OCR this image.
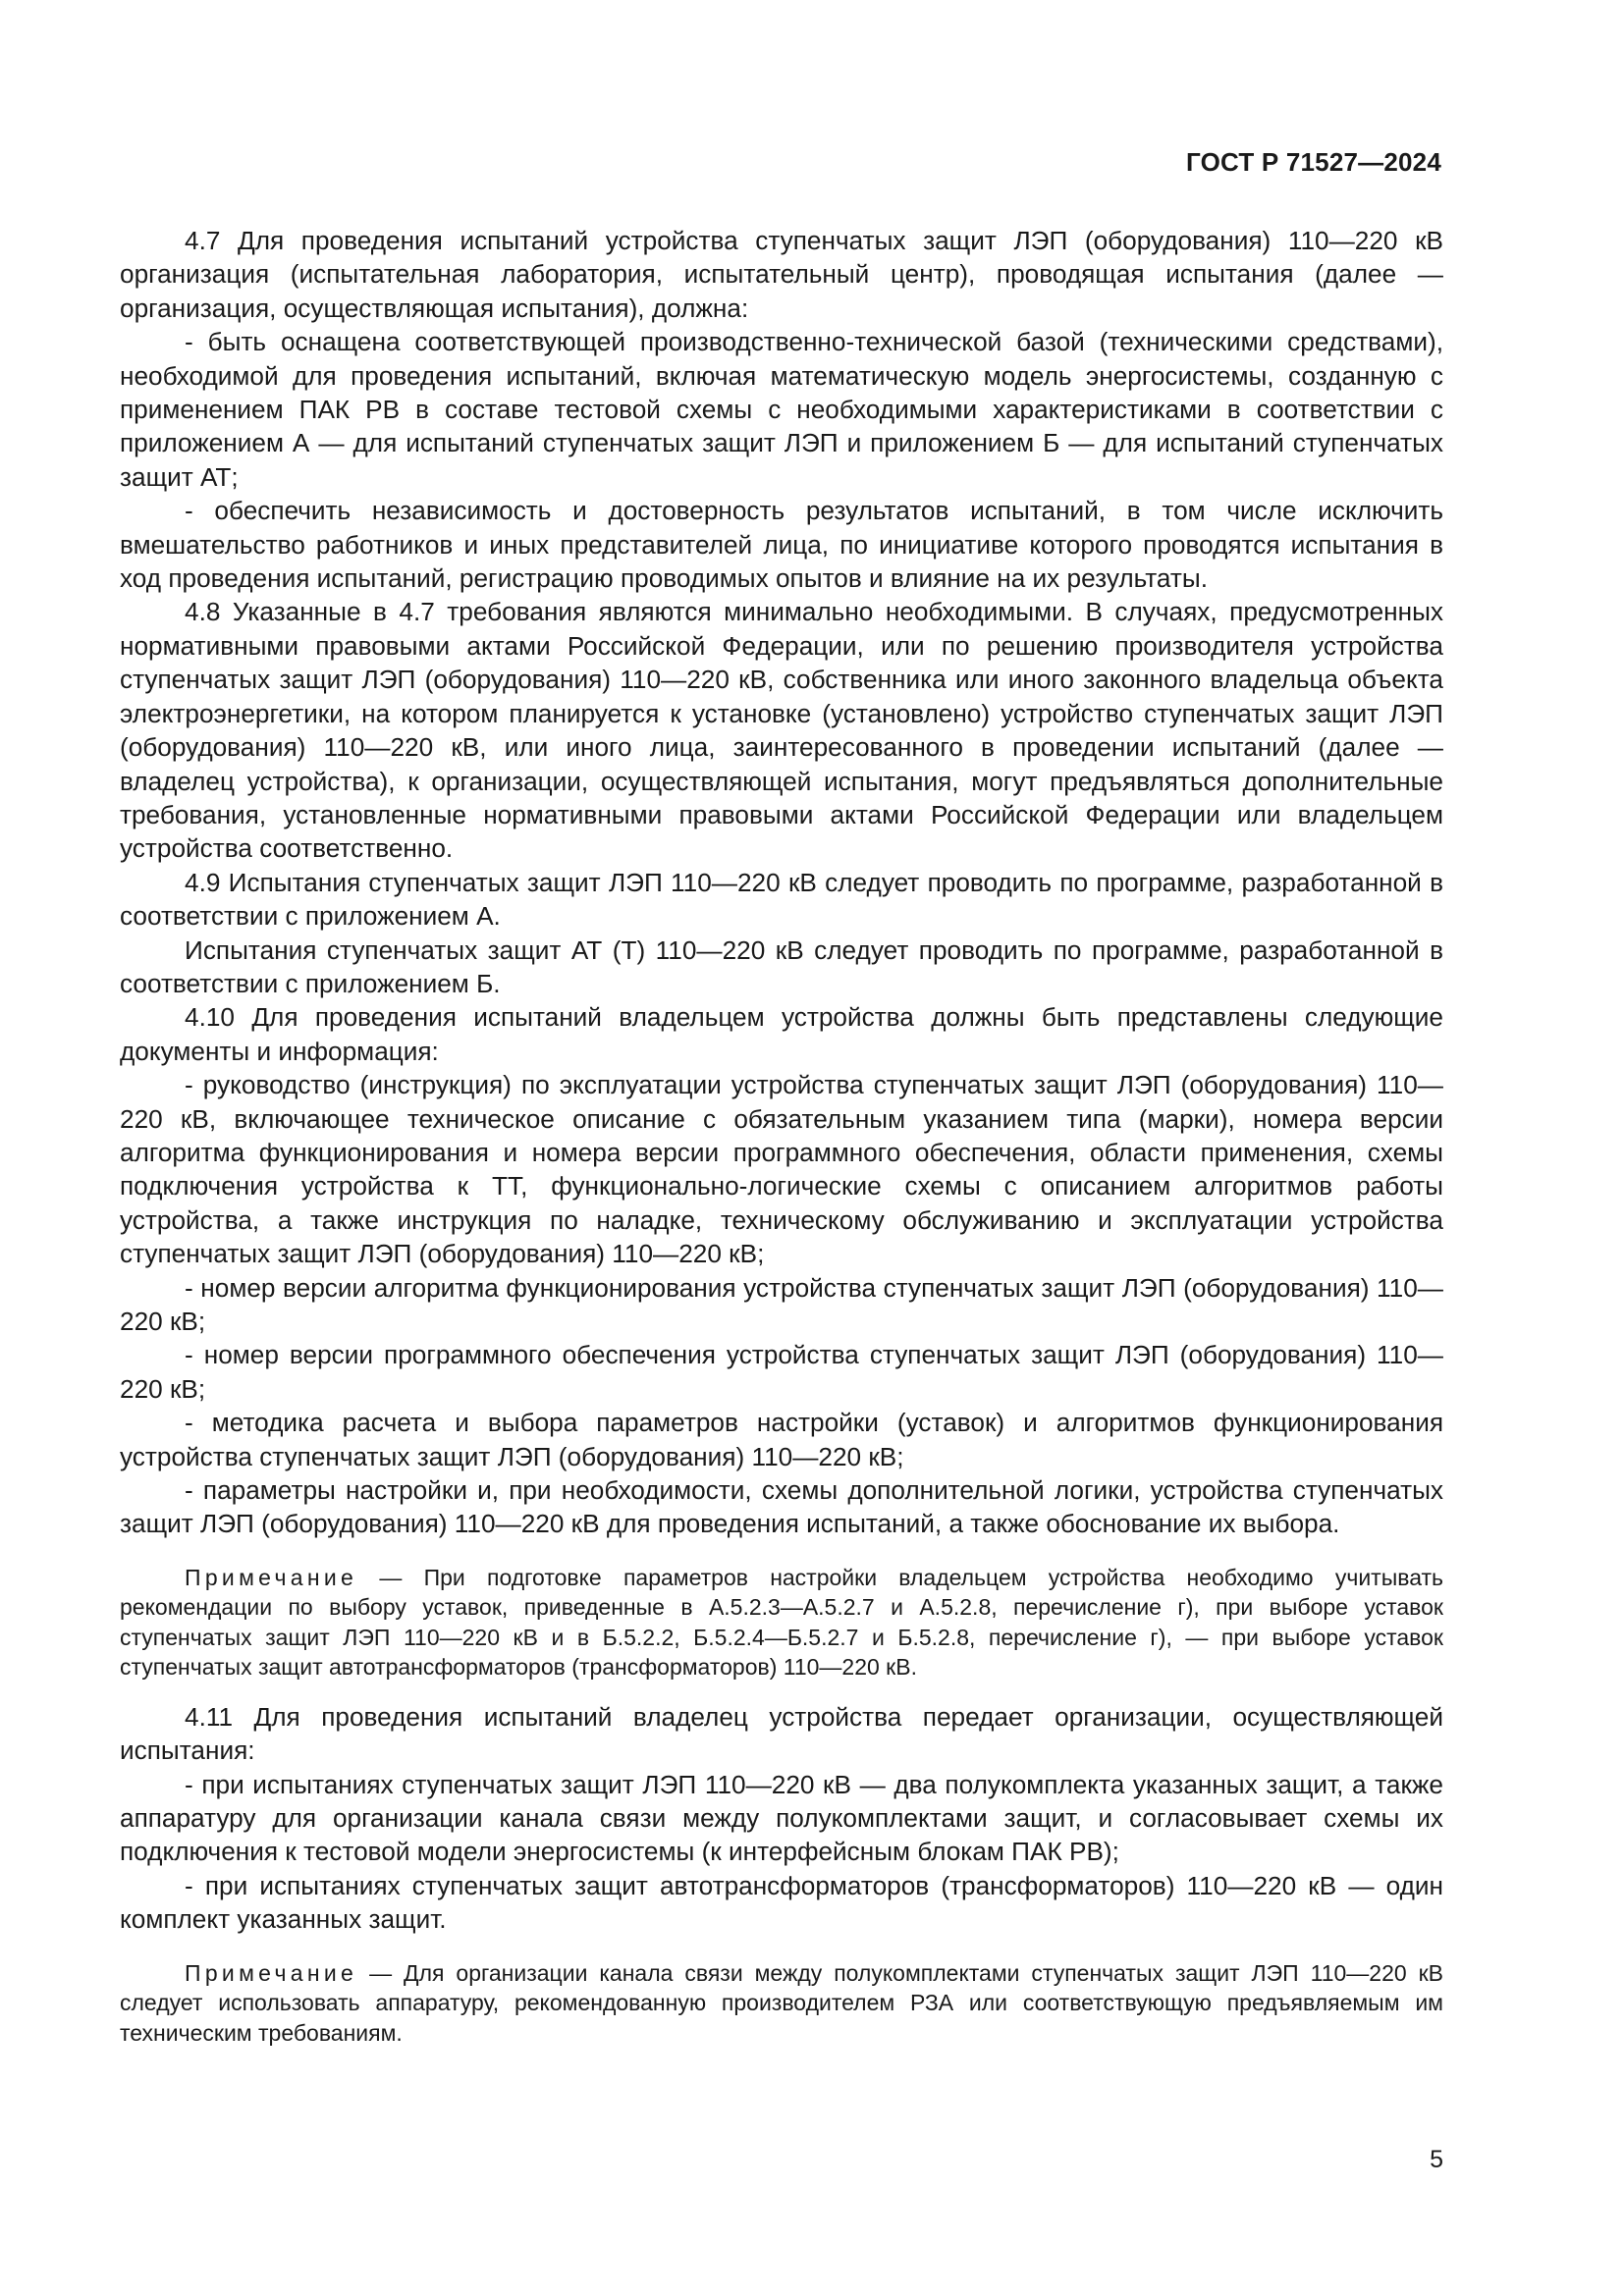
ГОСТ Р 71527—2024

4.7 Для проведения испытаний устройства ступенчатых защит ЛЭП (оборудования) 110—220 кВ организация (испытательная лаборатория, испытательный центр), проводящая испытания (далее — организация, осуществляющая испытания), должна:

- быть оснащена соответствующей производственно-технической базой (техническими средствами), необходимой для проведения испытаний, включая математическую модель энергосистемы, созданную с применением ПАК РВ в составе тестовой схемы с необходимыми характеристиками в соответствии с приложением А — для испытаний ступенчатых защит ЛЭП и приложением Б — для испытаний ступенчатых защит АТ;

- обеспечить независимость и достоверность результатов испытаний, в том числе исключить вмешательство работников и иных представителей лица, по инициативе которого проводятся испытания в ход проведения испытаний, регистрацию проводимых опытов и влияние на их результаты.

4.8 Указанные в 4.7 требования являются минимально необходимыми. В случаях, предусмотренных нормативными правовыми актами Российской Федерации, или по решению производителя устройства ступенчатых защит ЛЭП (оборудования) 110—220 кВ, собственника или иного законного владельца объекта электроэнергетики, на котором планируется к установке (установлено) устройство ступенчатых защит ЛЭП (оборудования) 110—220 кВ, или иного лица, заинтересованного в проведении испытаний (далее — владелец устройства), к организации, осуществляющей испытания, могут предъявляться дополнительные требования, установленные нормативными правовыми актами Российской Федерации или владельцем устройства соответственно.

4.9 Испытания ступенчатых защит ЛЭП 110—220 кВ следует проводить по программе, разработанной в соответствии с приложением А.

Испытания ступенчатых защит АТ (Т) 110—220 кВ следует проводить по программе, разработанной в соответствии с приложением Б.

4.10 Для проведения испытаний владельцем устройства должны быть представлены следующие документы и информация:

- руководство (инструкция) по эксплуатации устройства ступенчатых защит ЛЭП (оборудования) 110—220 кВ, включающее техническое описание с обязательным указанием типа (марки), номера версии алгоритма функционирования и номера версии программного обеспечения, области применения, схемы подключения устройства к ТТ, функционально-логические схемы с описанием алгоритмов работы устройства, а также инструкция по наладке, техническому обслуживанию и эксплуатации устройства ступенчатых защит ЛЭП (оборудования) 110—220 кВ;

- номер версии алгоритма функционирования устройства ступенчатых защит ЛЭП (оборудования) 110—220 кВ;

- номер версии программного обеспечения устройства ступенчатых защит ЛЭП (оборудования) 110—220 кВ;

- методика расчета и выбора параметров настройки (уставок) и алгоритмов функционирования устройства ступенчатых защит ЛЭП (оборудования) 110—220 кВ;

- параметры настройки и, при необходимости, схемы дополнительной логики, устройства ступенчатых защит ЛЭП (оборудования) 110—220 кВ для проведения испытаний, а также обоснование их выбора.

Примечание — При подготовке параметров настройки владельцем устройства необходимо учитывать рекомендации по выбору уставок, приведенные в А.5.2.3—А.5.2.7 и А.5.2.8, перечисление г), при выборе уставок ступенчатых защит ЛЭП 110—220 кВ и в Б.5.2.2, Б.5.2.4—Б.5.2.7 и Б.5.2.8, перечисление г), — при выборе уставок ступенчатых защит автотрансформаторов (трансформаторов) 110—220 кВ.

4.11 Для проведения испытаний владелец устройства передает организации, осуществляющей испытания:

- при испытаниях ступенчатых защит ЛЭП 110—220 кВ — два полукомплекта указанных защит, а также аппаратуру для организации канала связи между полукомплектами защит, и согласовывает схемы их подключения к тестовой модели энергосистемы (к интерфейсным блокам ПАК РВ);

- при испытаниях ступенчатых защит автотрансформаторов (трансформаторов) 110—220 кВ — один комплект указанных защит.

Примечание — Для организации канала связи между полукомплектами ступенчатых защит ЛЭП 110—220 кВ следует использовать аппаратуру, рекомендованную производителем РЗА или соответствующую предъявляемым им техническим требованиям.

5
